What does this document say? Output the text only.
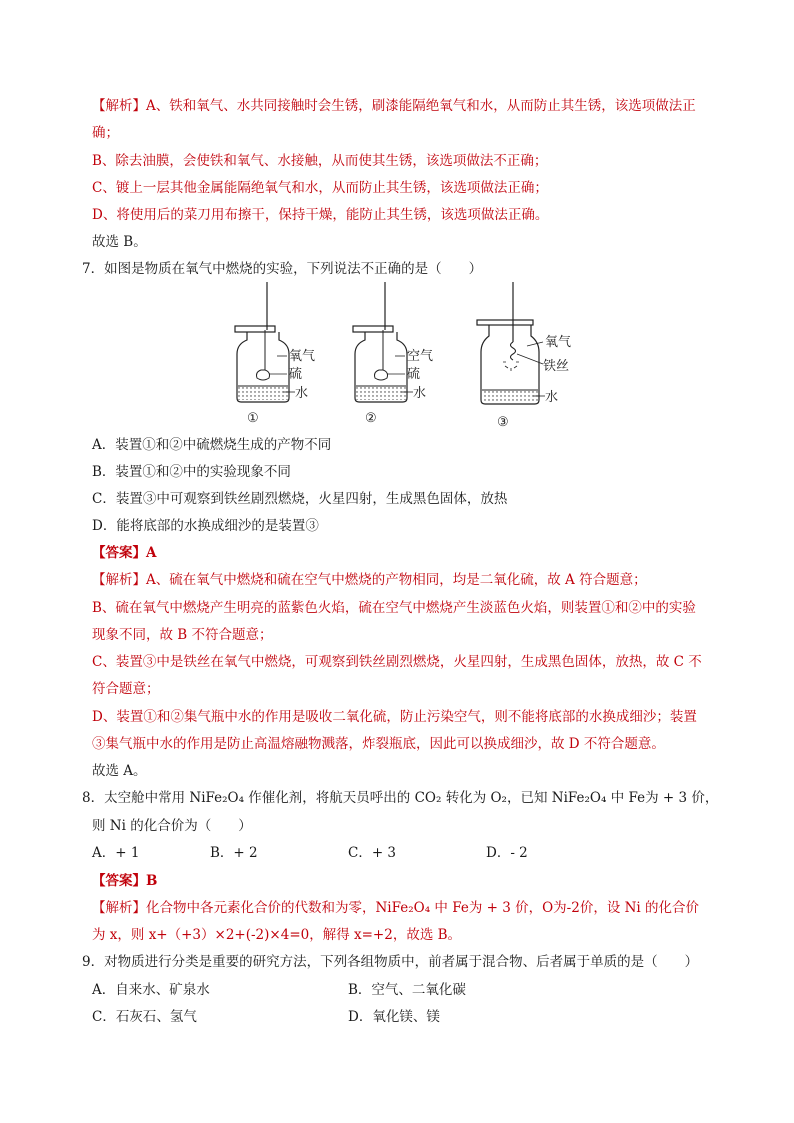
【解析】A、铁和氧气、水共同接触时会生锈，刷漆能隔绝氧气和水，从而防止其生锈，该选项做法正
确；
B、除去油膜，会使铁和氧气、水接触，从而使其生锈，该选项做法不正确；
C、镀上一层其他金属能隔绝氧气和水，从而防止其生锈，该选项做法正确；
D、将使用后的菜刀用布擦干，保持干燥，能防止其生锈，该选项做法正确。
故选 B。
7．如图是物质在氧气中燃烧的实验，下列说法不正确的是（　　）
氧气
硫
水
①
空气
硫
水
②
氧气
铁丝
水
③
A．装置①和②中硫燃烧生成的产物不同
B．装置①和②中的实验现象不同
C．装置③中可观察到铁丝剧烈燃烧，火星四射，生成黑色固体，放热
D．能将底部的水换成细沙的是装置③
【答案】A
【解析】A、硫在氧气中燃烧和硫在空气中燃烧的产物相同，均是二氧化硫，故 A 符合题意；
B、硫在氧气中燃烧产生明亮的蓝紫色火焰，硫在空气中燃烧产生淡蓝色火焰，则装置①和②中的实验
现象不同，故 B 不符合题意；
C、装置③中是铁丝在氧气中燃烧，可观察到铁丝剧烈燃烧，火星四射，生成黑色固体，放热，故 C 不
符合题意；
D、装置①和②集气瓶中水的作用是吸收二氧化硫，防止污染空气，则不能将底部的水换成细沙；装置
③集气瓶中水的作用是防止高温熔融物溅落，炸裂瓶底，因此可以换成细沙，故 D 不符合题意。
故选 A。
8．太空舱中常用 NiFe₂O₄ 作催化剂，将航天员呼出的 CO₂ 转化为 O₂，已知 NiFe₂O₄ 中 Fe为 + 3 价，
则 Ni 的化合价为（　　）
A．+ 1	B．+ 2	C．+ 3	D．- 2
【答案】B
【解析】化合物中各元素化合价的代数和为零，NiFe₂O₄ 中 Fe为 + 3 价，O为-2价，设 Ni 的化合价
为 x，则 x+（+3）×2+(-2)×4=0，解得 x=+2，故选 B。
9．对物质进行分类是重要的研究方法，下列各组物质中，前者属于混合物、后者属于单质的是（　　）
A．自来水、矿泉水	B．空气、二氧化碳
C．石灰石、氢气	D．氧化镁、镁
